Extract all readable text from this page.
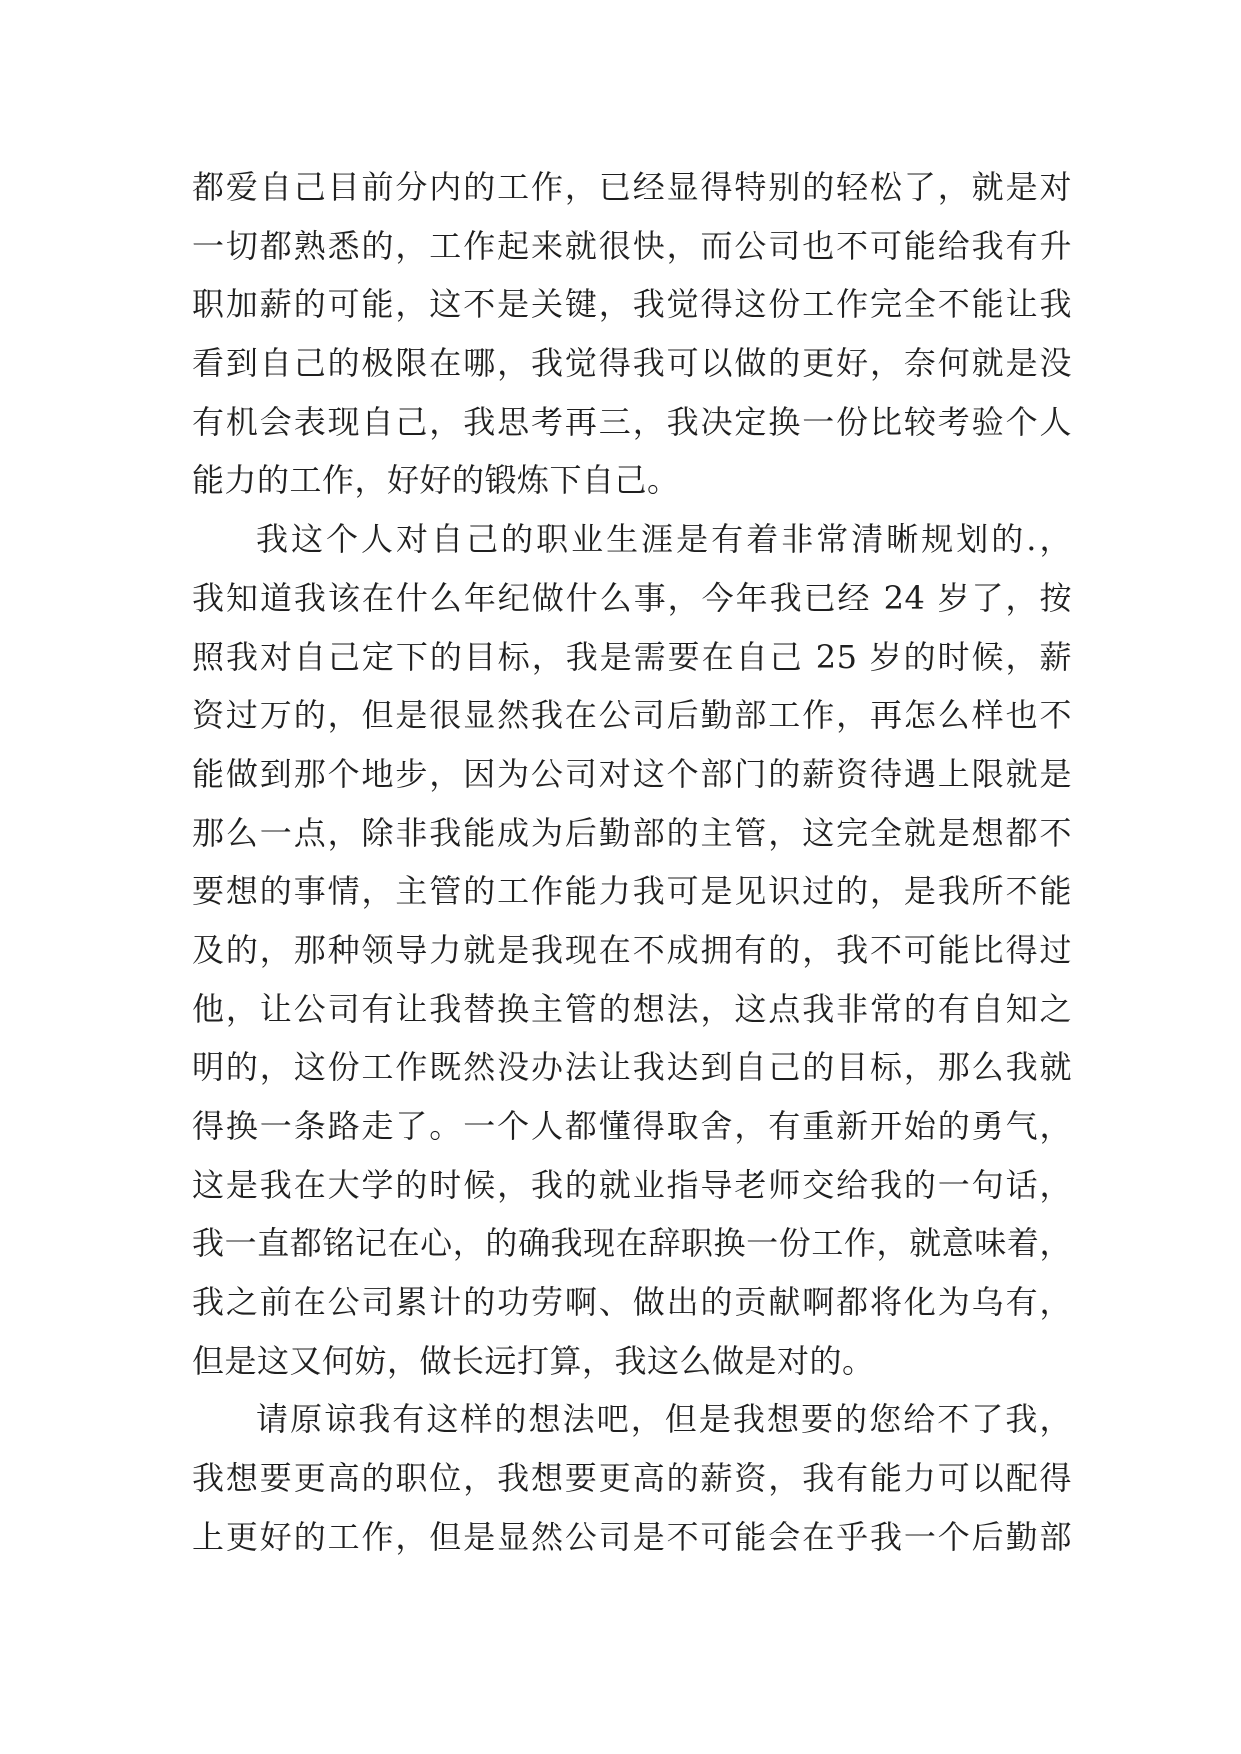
都爱自己目前分内的工作，已经显得特别的轻松了，就是对
一切都熟悉的，工作起来就很快，而公司也不可能给我有升
职加薪的可能，这不是关键，我觉得这份工作完全不能让我
看到自己的极限在哪，我觉得我可以做的更好，奈何就是没
有机会表现自己，我思考再三，我决定换一份比较考验个人
能力的工作，好好的锻炼下自己。
我这个人对自己的职业生涯是有着非常清晰规划的.，
我知道我该在什么年纪做什么事，今年我已经 24 岁了，按
照我对自己定下的目标，我是需要在自己 25 岁的时候，薪
资过万的，但是很显然我在公司后勤部工作，再怎么样也不
能做到那个地步，因为公司对这个部门的薪资待遇上限就是
那么一点，除非我能成为后勤部的主管，这完全就是想都不
要想的事情，主管的工作能力我可是见识过的，是我所不能
及的，那种领导力就是我现在不成拥有的，我不可能比得过
他，让公司有让我替换主管的想法，这点我非常的有自知之
明的，这份工作既然没办法让我达到自己的目标，那么我就
得换一条路走了。一个人都懂得取舍，有重新开始的勇气，
这是我在大学的时候，我的就业指导老师交给我的一句话，
我一直都铭记在心，的确我现在辞职换一份工作，就意味着，
我之前在公司累计的功劳啊、做出的贡献啊都将化为乌有，
但是这又何妨，做长远打算，我这么做是对的。
请原谅我有这样的想法吧，但是我想要的您给不了我，
我想要更高的职位，我想要更高的薪资，我有能力可以配得
上更好的工作，但是显然公司是不可能会在乎我一个后勤部
